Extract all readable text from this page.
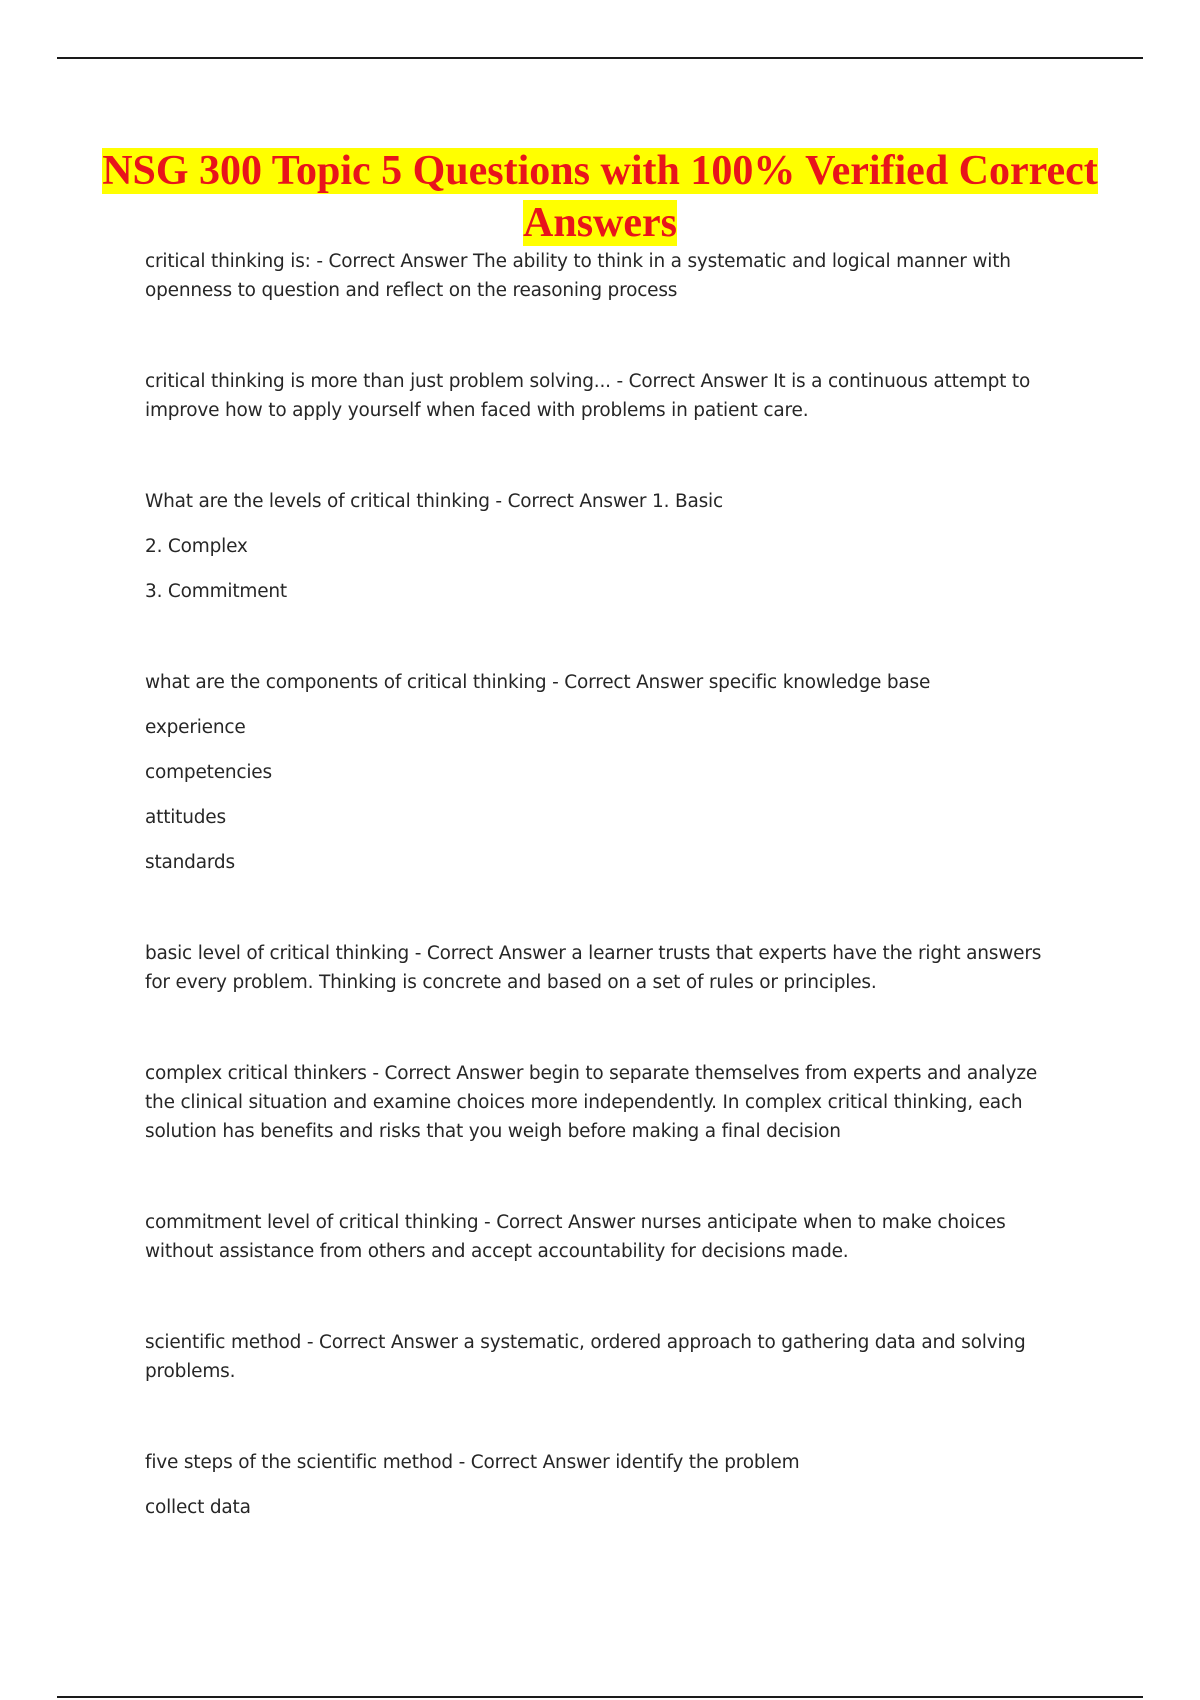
NSG 300 Topic 5 Questions with 100% Verified Correct Answers

critical thinking is: - Correct Answer The ability to think in a systematic and logical manner with openness to question and reflect on the reasoning process

critical thinking is more than just problem solving... - Correct Answer It is a continuous attempt to improve how to apply yourself when faced with problems in patient care.

What are the levels of critical thinking - Correct Answer 1. Basic

2. Complex

3. Commitment

what are the components of critical thinking - Correct Answer specific knowledge base

experience

competencies

attitudes

standards

basic level of critical thinking - Correct Answer a learner trusts that experts have the right answers for every problem. Thinking is concrete and based on a set of rules or principles.

complex critical thinkers - Correct Answer begin to separate themselves from experts and analyze the clinical situation and examine choices more independently. In complex critical thinking, each solution has benefits and risks that you weigh before making a final decision

commitment level of critical thinking - Correct Answer nurses anticipate when to make choices without assistance from others and accept accountability for decisions made.

scientific method - Correct Answer a systematic, ordered approach to gathering data and solving problems.

five steps of the scientific method - Correct Answer identify the problem

collect data
